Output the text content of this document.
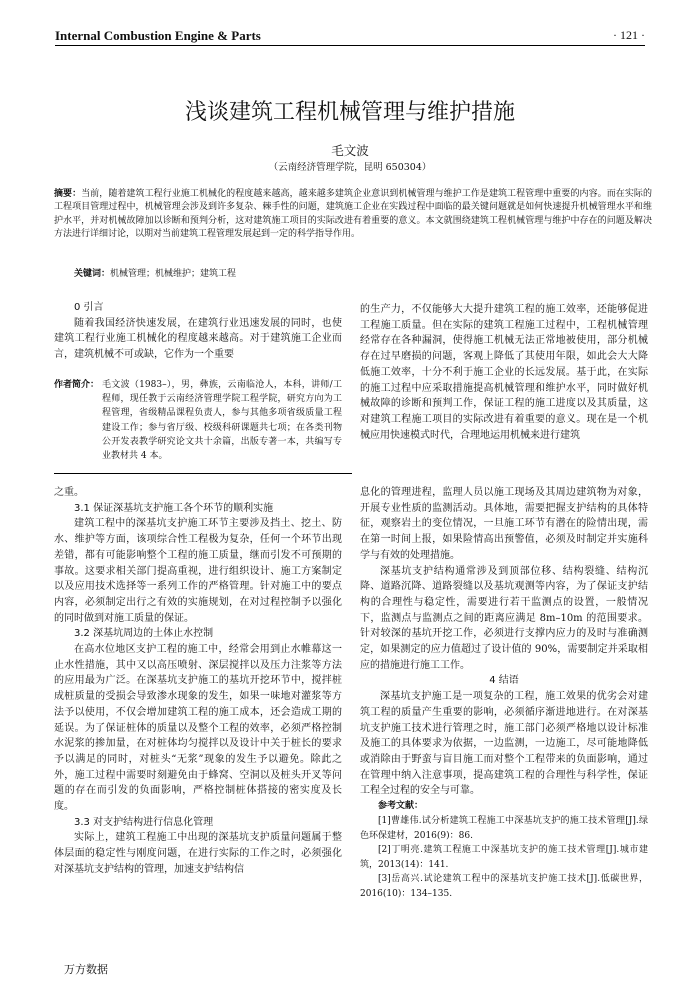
Internal Combustion Engine & Parts	· 121 ·
浅谈建筑工程机械管理与维护措施
毛文波
（云南经济管理学院，昆明 650304）
摘要：当前，随着建筑工程行业施工机械化的程度越来越高，越来越多建筑企业意识到机械管理与维护工作是建筑工程管理中重要的内容。而在实际的工程项目管理过程中，机械管理会涉及到许多复杂、棘手性的问题，建筑施工企业在实践过程中面临的最关键问题就是如何快速提升机械管理水平和维护水平，并对机械故障加以诊断和预判分析，这对建筑施工项目的实际改进有着重要的意义。本文就围绕建筑工程机械管理与维护中存在的问题及解决方法进行详细讨论，以期对当前建筑工程管理发展起到一定的科学指导作用。
关键词：机械管理；机械维护；建筑工程
0 引言

随着我国经济快速发展，在建筑行业迅速发展的同时，也使建筑工程行业施工机械化的程度越来越高。对于建筑施工企业而言，建筑机械不可或缺，它作为一个重要

作者简介： 毛文波（1983–），男，彝族，云南临沧人，本科，讲师/工程师，现任教于云南经济管理学院工程学院，研究方向为工程管理，省级精品课程负责人，参与其他多项省级质量工程建设工作；参与省厅级、校级科研课题共七项；在各类刊物公开发表教学研究论文共十余篇，出版专著一本，共编写专业教材共 4 本。

的生产力，不仅能够大大提升建筑工程的施工效率，还能够促进工程施工质量。但在实际的建筑工程施工过程中，工程机械管理经常存在各种漏洞，使得施工机械无法正常地被使用，部分机械存在过早磨损的问题，客观上降低了其使用年限，如此会大大降低施工效率，十分不利于施工企业的长远发展。基于此，在实际的施工过程中应采取措施提高机械管理和维护水平，同时做好机械故障的诊断和预判工作，保证工程的施工进度以及其质量，这对建筑工程施工项目的实际改进有着重要的意义。现在是一个机械应用快速模式时代，合理地运用机械来进行建筑

之重。

3.1 保证深基坑支护施工各个环节的顺利实施

建筑工程中的深基坑支护施工环节主要涉及挡土、挖土、防水、维护等方面，该项综合性工程极为复杂，任何一个环节出现差错，都有可能影响整个工程的施工质量，继而引发不可预期的事故。这要求相关部门提高重视，进行组织设计、施工方案制定以及应用技术选择等一系列工作的严格管理。针对施工中的要点内容，必须制定出行之有效的实施规划，在对过程控制予以强化的同时做到对施工质量的保证。

3.2 深基坑周边的土体止水控制

在高水位地区支护工程的施工中，经常会用到止水帷幕这一止水性措施，其中又以高压喷射、深层搅拌以及压力注浆等方法的应用最为广泛。在深基坑支护施工的基坑开挖环节中，搅拌桩成桩质量的受损会导致渗水现象的发生，如果一味地对灌浆等方法予以使用，不仅会增加建筑工程的施工成本，还会造成工期的延误。为了保证桩体的质量以及整个工程的效率，必须严格控制水泥浆的掺加量，在对桩体均匀搅拌以及设计中关于桩长的要求予以满足的同时，对桩头“无浆”现象的发生予以避免。除此之外，施工过程中需要时刻避免由于蜂窝、空洞以及桩头开叉等问题的存在而引发的负面影响，严格控制桩体搭接的密实度及长度。

3.3 对支护结构进行信息化管理

实际上，建筑工程施工中出现的深基坑支护质量问题属于整体层面的稳定性与刚度问题，在进行实际的工作之时，必须强化对深基坑支护结构的管理，加速支护结构信

息化的管理进程，监理人员以施工现场及其周边建筑物为对象，开展专业性质的监测活动。具体地，需要把握支护结构的具体特征，观察岩土的变位情况，一旦施工环节有潜在的险情出现，需在第一时间上报，如果险情高出预警值，必须及时制定并实施科学与有效的处理措施。

深基坑支护结构通常涉及到顶部位移、结构裂缝、结构沉降、道路沉降、道路裂缝以及基坑观测等内容，为了保证支护结构的合理性与稳定性，需要进行若干监测点的设置，一般情况下，监测点与监测点之间的距离应满足 8m–10m 的范围要求。针对较深的基坑开挖工作，必须进行支撑内应力的及时与准确测定，如果测定的应力值超过了设计值的 90%，需要制定并采取相应的措施进行施工工作。

4 结语

深基坑支护施工是一项复杂的工程，施工效果的优劣会对建筑工程的质量产生重要的影响，必须循序渐进地进行。在对深基坑支护施工技术进行管理之时，施工部门必须严格地以设计标准及施工的具体要求为依据，一边监测，一边施工，尽可能地降低或消除由于野蛮与盲目施工而对整个工程带来的负面影响，通过在管理中纳入注意事项，提高建筑工程的合理性与科学性，保证工程全过程的安全与可靠。

参考文献：

[1]曹雄伟.试分析建筑工程施工中深基坑支护的施工技术管理[J].绿色环保建材，2016(9)：86.

[2]丁明亮.建筑工程施工中深基坑支护的施工技术管理[J].城市建筑，2013(14)：141.

[3]岳高兴.试论建筑工程中的深基坑支护施工技术[J].低碳世界，2016(10)：134–135.

万方数据
